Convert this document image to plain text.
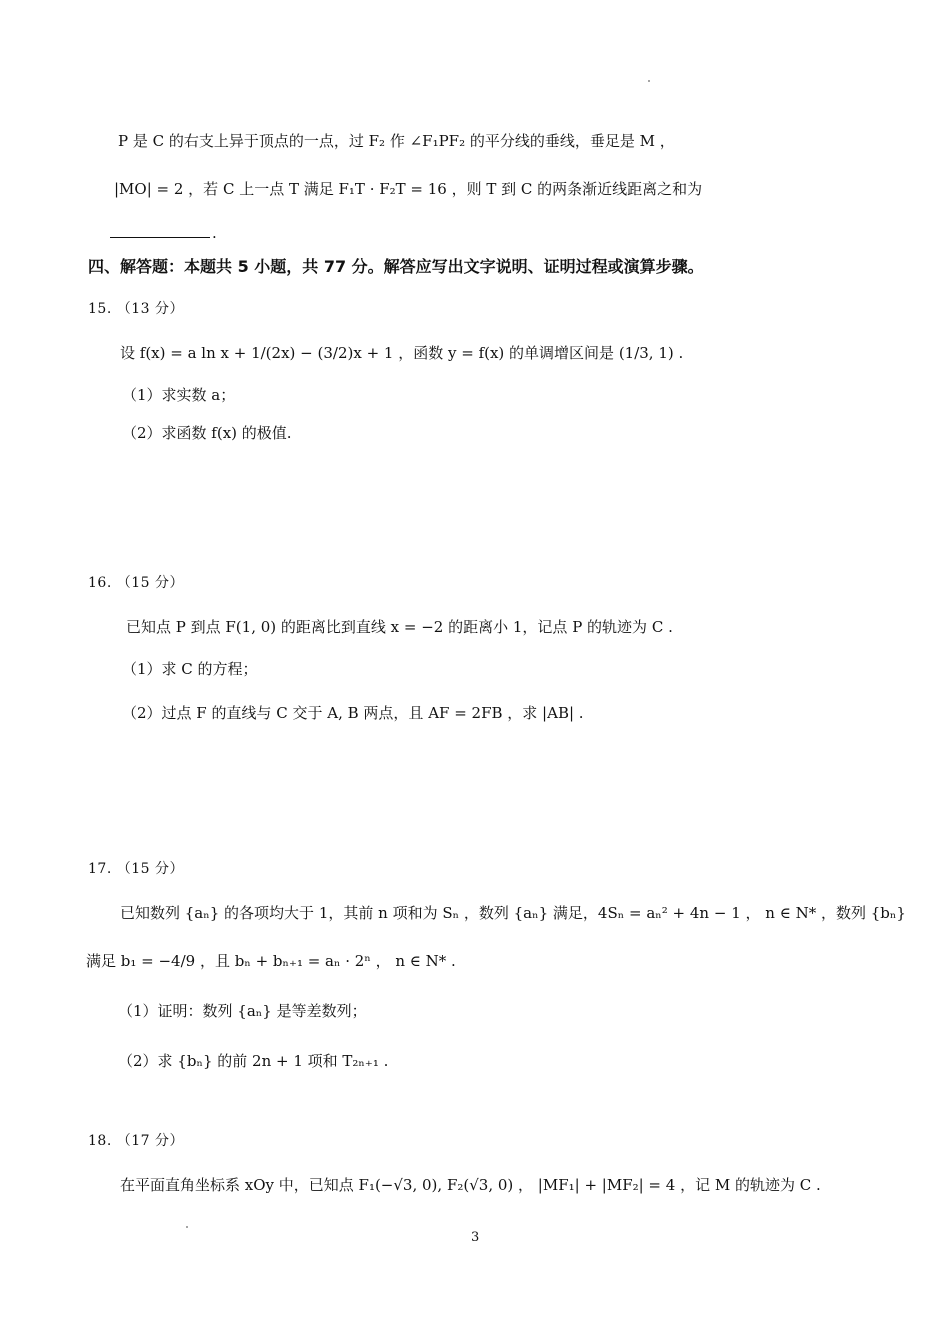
P 是 C 的右支上异于顶点的一点，过 F₂ 作 ∠F₁PF₂ 的平分线的垂线，垂足是 M ，
|MO| = 2 ，若 C 上一点 T 满足 F₁T · F₂T = 16 ，则 T 到 C 的两条渐近线距离之和为
.
四、解答题：本题共 5 小题，共 77 分。解答应写出文字说明、证明过程或演算步骤。
15. （13 分）
设 f(x) = a ln x + 1/(2x) − (3/2)x + 1 ，函数 y = f(x) 的单调增区间是 (1/3, 1) .
（1）求实数 a；
（2）求函数 f(x) 的极值.
16. （15 分）
已知点 P 到点 F(1, 0) 的距离比到直线 x = −2 的距离小 1，记点 P 的轨迹为 C .
（1）求 C 的方程；
（2）过点 F 的直线与 C 交于 A, B 两点，且 AF = 2FB ，求 |AB| .
17. （15 分）
已知数列 {aₙ} 的各项均大于 1，其前 n 项和为 Sₙ ，数列 {aₙ} 满足，4Sₙ = aₙ² + 4n − 1 ， n ∈ N* ，数列 {bₙ}
满足 b₁ = −4/9 ，且 bₙ + bₙ₊₁ = aₙ · 2ⁿ ， n ∈ N* .
（1）证明：数列 {aₙ} 是等差数列；
（2）求 {bₙ} 的前 2n + 1 项和 T₂ₙ₊₁ .
18. （17 分）
在平面直角坐标系 xOy 中，已知点 F₁(−√3, 0), F₂(√3, 0) ， |MF₁| + |MF₂| = 4 ，记 M 的轨迹为 C .
3
